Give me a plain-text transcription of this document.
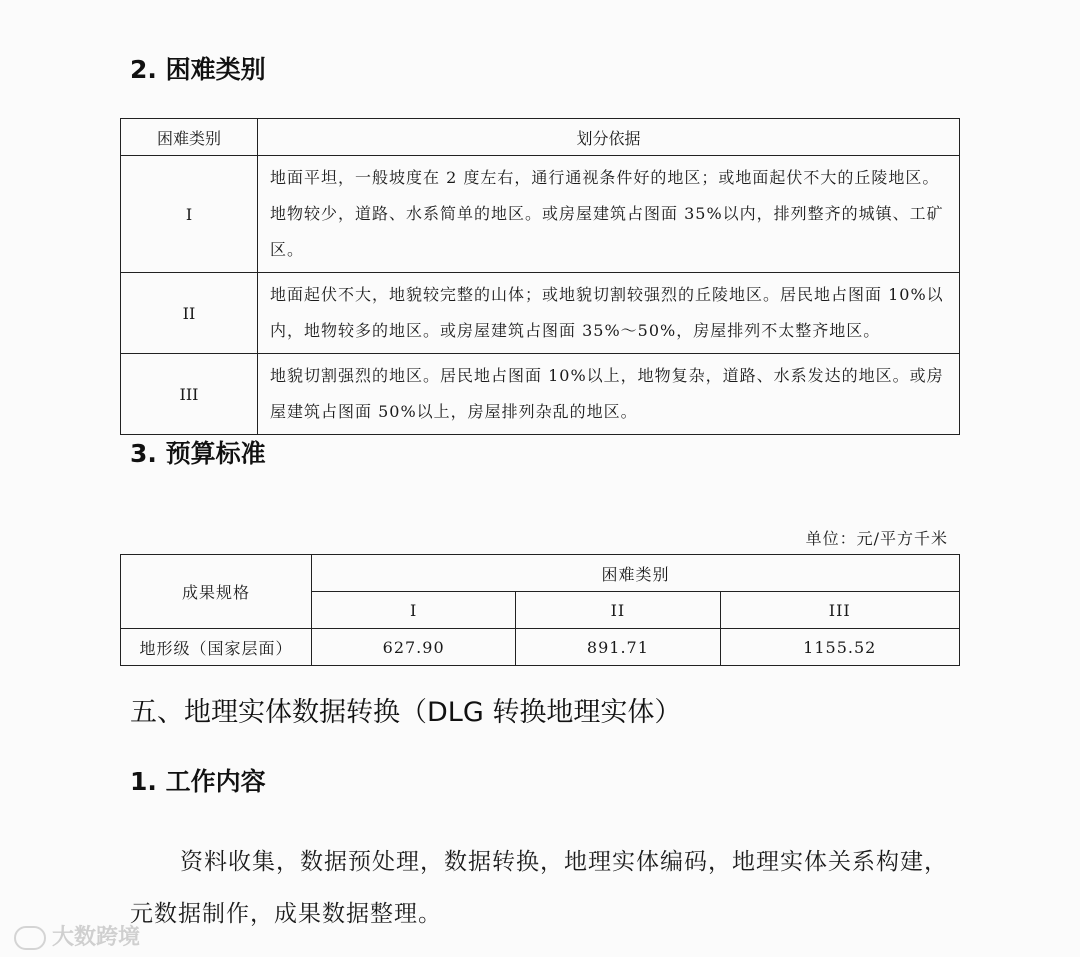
2. 困难类别
困难类别	划分依据
I	地面平坦，一般坡度在 2 度左右，通行通视条件好的地区；或地面起伏不大的丘陵地区。地物较少，道路、水系简单的地区。或房屋建筑占图面 35%以内，排列整齐的城镇、工矿区。
II	地面起伏不大，地貌较完整的山体；或地貌切割较强烈的丘陵地区。居民地占图面 10%以内，地物较多的地区。或房屋建筑占图面 35%～50%，房屋排列不太整齐地区。
III	地貌切割强烈的地区。居民地占图面 10%以上，地物复杂，道路、水系发达的地区。或房屋建筑占图面 50%以上，房屋排列杂乱的地区。
3. 预算标准
单位：元/平方千米
成果规格	困难类别		
	I	II	III
地形级（国家层面）	627.90	891.71	1155.52
五、地理实体数据转换（DLG 转换地理实体）
1. 工作内容

资料收集，数据预处理，数据转换，地理实体编码，地理实体关系构建，元数据制作，成果数据整理。

大数跨境
